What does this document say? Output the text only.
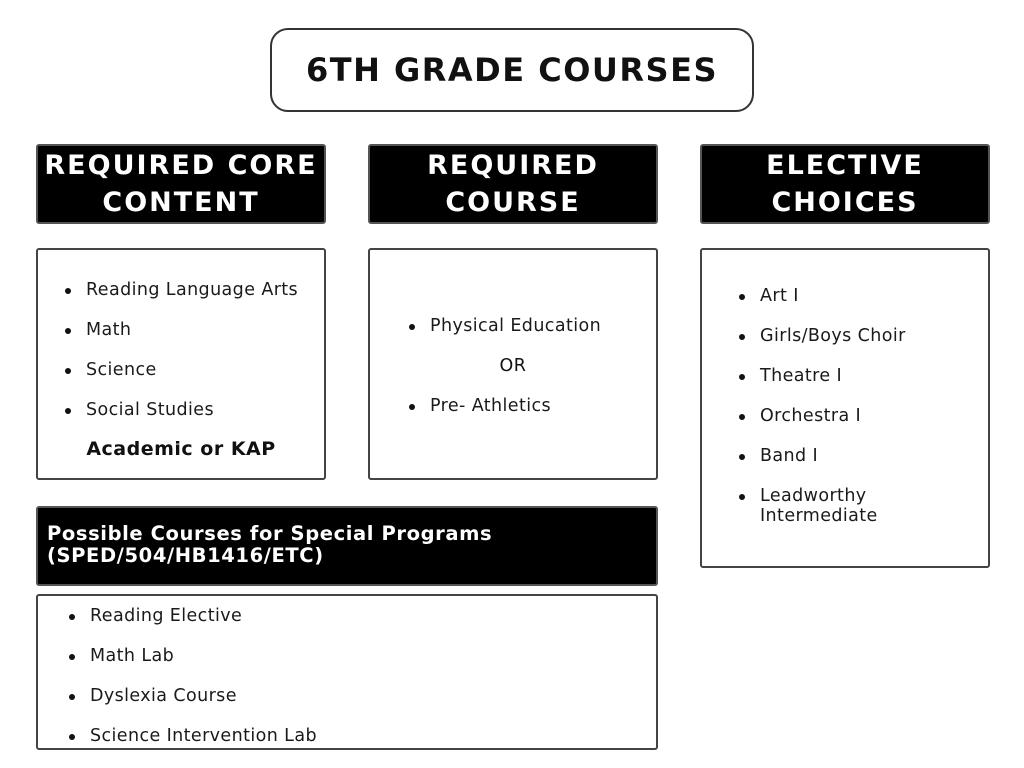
6TH GRADE COURSES
REQUIRED CORE
CONTENT
REQUIRED
COURSE
ELECTIVE
CHOICES
Reading Language Arts
Math
Science
Social Studies
Academic or KAP
Physical Education
OR
Pre- Athletics
Art I
Girls/Boys Choir
Theatre I
Orchestra I
Band I
Leadworthy
Intermediate
Possible Courses for Special Programs
(SPED/504/HB1416/ETC)
Reading Elective
Math Lab
Dyslexia Course
Science Intervention Lab
